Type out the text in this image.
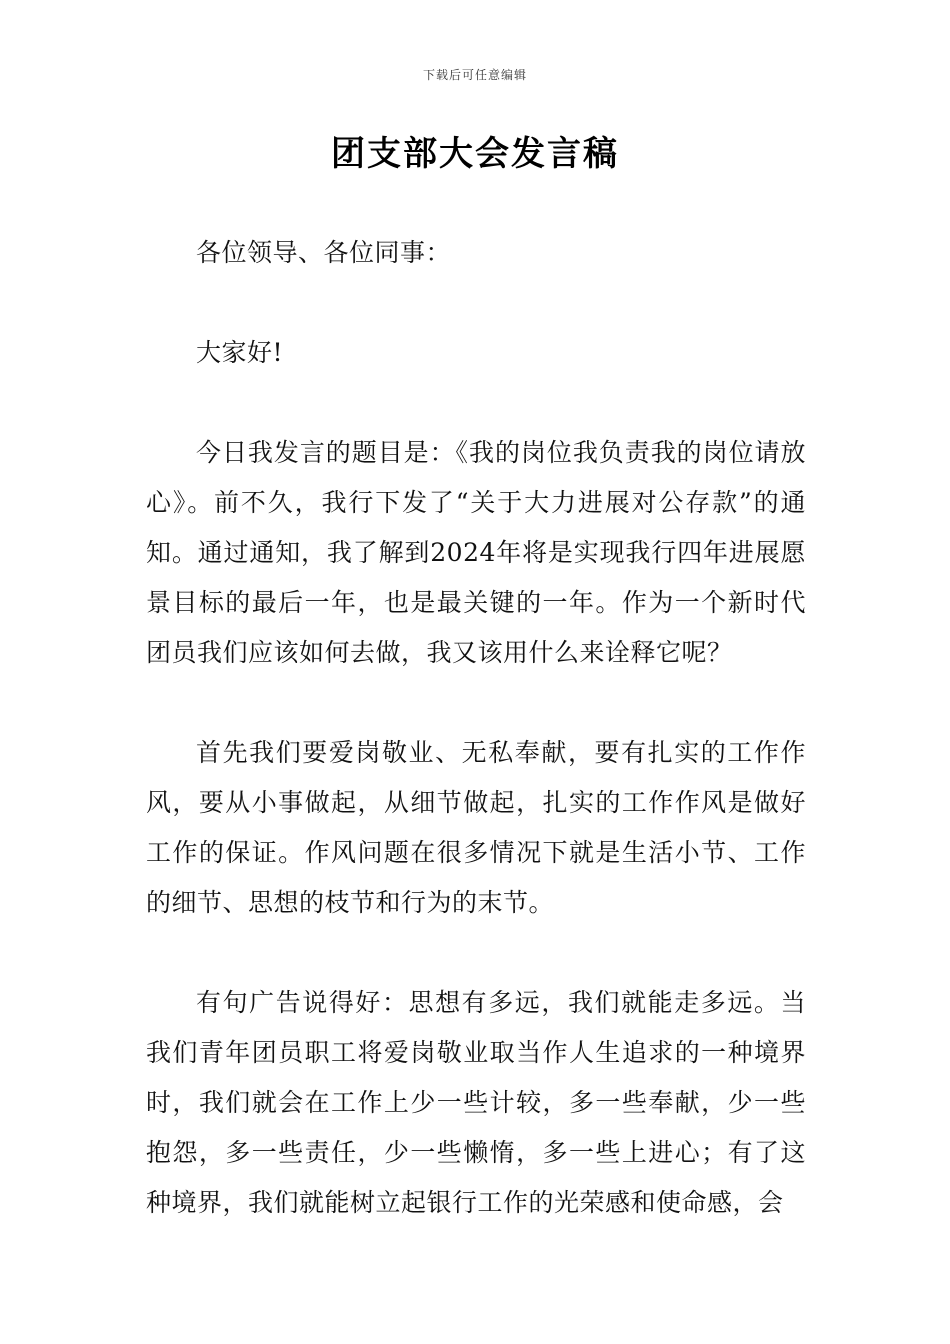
下载后可任意编辑
团支部大会发言稿

各位领导、各位同事：

大家好!

今日我发言的题目是：《我的岗位我负责我的岗位请放心》。前不久，我行下发了“关于大力进展对公存款”的通知。通过通知，我了解到2024年将是实现我行四年进展愿景目标的最后一年，也是最关键的一年。作为一个新时代团员我们应该如何去做，我又该用什么来诠释它呢？

首先我们要爱岗敬业、无私奉献，要有扎实的工作作风，要从小事做起，从细节做起，扎实的工作作风是做好工作的保证。作风问题在很多情况下就是生活小节、工作的细节、思想的枝节和行为的末节。

有句广告说得好：思想有多远，我们就能走多远。当我们青年团员职工将爱岗敬业取当作人生追求的一种境界时，我们就会在工作上少一些计较，多一些奉献，少一些抱怨，多一些责任，少一些懒惰，多一些上进心；有了这种境界，我们就能树立起银行工作的光荣感和使命感，会
